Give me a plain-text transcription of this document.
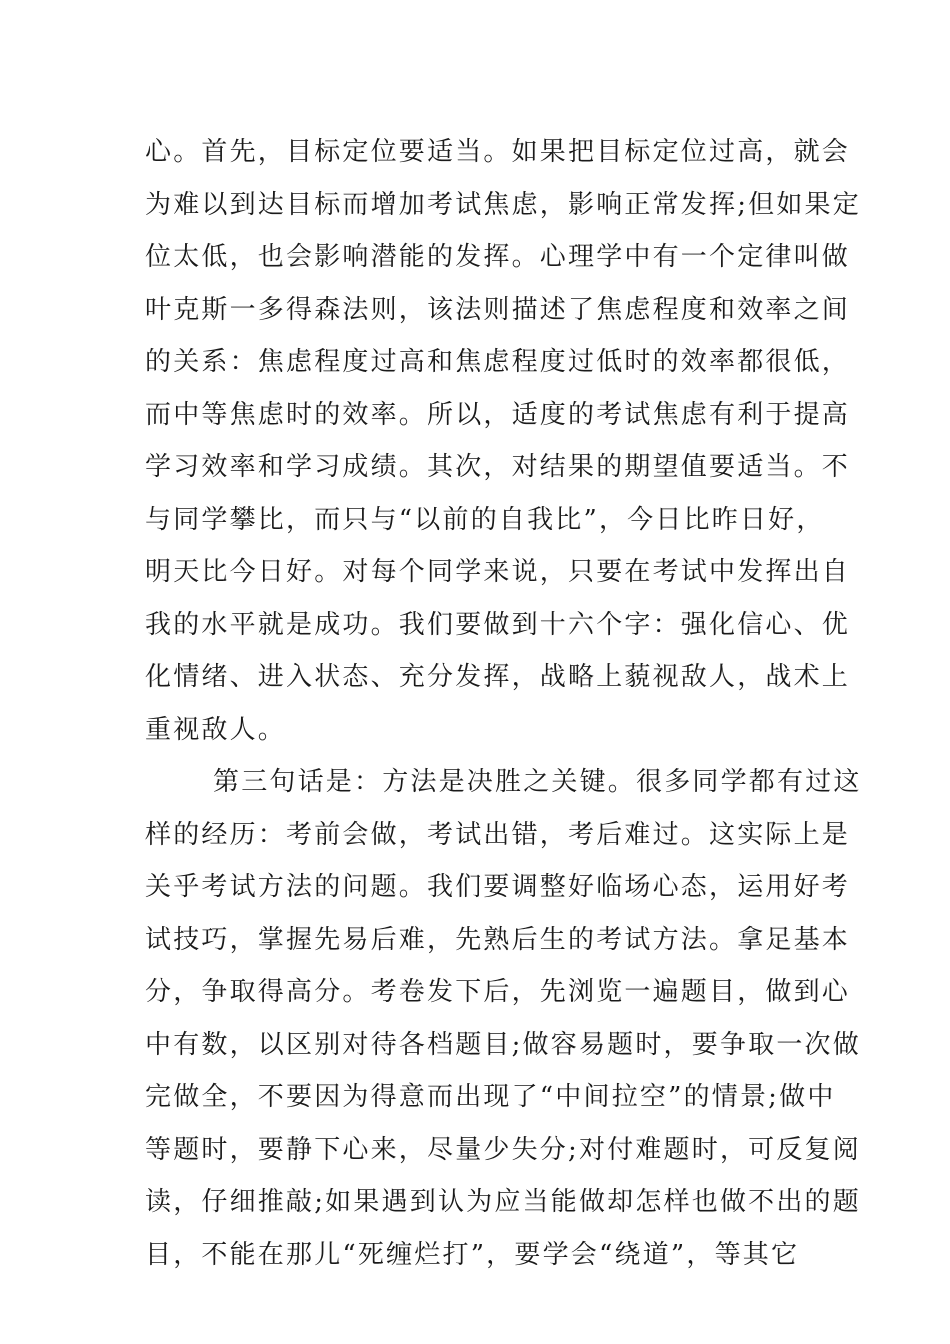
心。首先，目标定位要适当。如果把目标定位过高，就会
为难以到达目标而增加考试焦虑，影响正常发挥;但如果定
位太低，也会影响潜能的发挥。心理学中有一个定律叫做
叶克斯一多得森法则，该法则描述了焦虑程度和效率之间
的关系：焦虑程度过高和焦虑程度过低时的效率都很低，
而中等焦虑时的效率。所以，适度的考试焦虑有利于提高
学习效率和学习成绩。其次，对结果的期望值要适当。不
与同学攀比，而只与“以前的自我比”，今日比昨日好，
明天比今日好。对每个同学来说，只要在考试中发挥出自
我的水平就是成功。我们要做到十六个字：强化信心、优
化情绪、进入状态、充分发挥，战略上藐视敌人，战术上
重视敌人。
第三句话是：方法是决胜之关键。很多同学都有过这
样的经历：考前会做，考试出错，考后难过。这实际上是
关乎考试方法的问题。我们要调整好临场心态，运用好考
试技巧，掌握先易后难，先熟后生的考试方法。拿足基本
分，争取得高分。考卷发下后，先浏览一遍题目，做到心
中有数，以区别对待各档题目;做容易题时，要争取一次做
完做全，不要因为得意而出现了“中间拉空”的情景;做中
等题时，要静下心来，尽量少失分;对付难题时，可反复阅
读，仔细推敲;如果遇到认为应当能做却怎样也做不出的题
目，不能在那儿“死缠烂打”，要学会“绕道”，等其它
